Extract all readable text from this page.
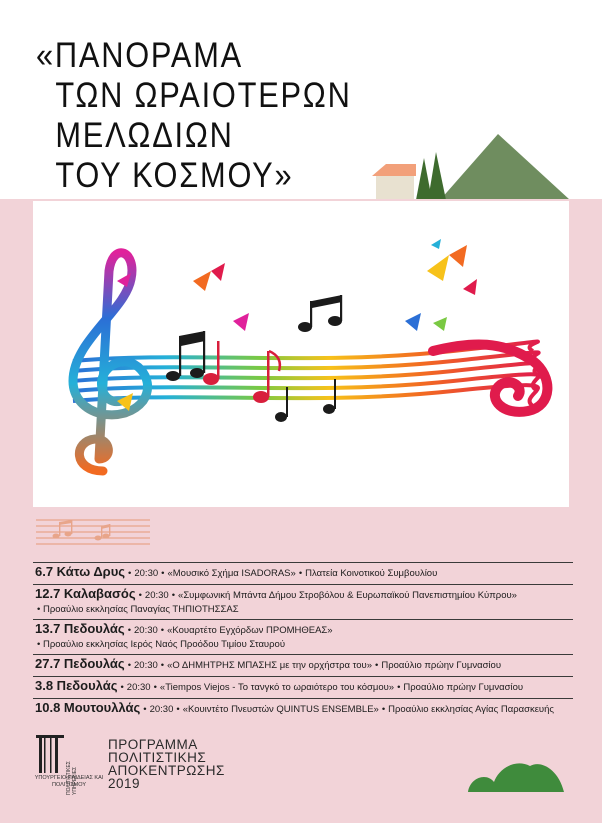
«ΠΑΝΟΡΑΜΑ
ΤΩΝ ΩΡΑΙΟΤΕΡΩΝ
ΜΕΛΩΔΙΩΝ
ΤΟΥ ΚΟΣΜΟΥ»
6.7 Κάτω Δρυς • 20:30 • «Μουσικό Σχήμα ISADORAS» • Πλατεία Κοινοτικού Συμβουλίου
12.7 Καλαβασός • 20:30 • «Συμφωνική Μπάντα Δήμου Στροβόλου & Ευρωπαϊκού Πανεπιστημίου Κύπρου»
• Προαύλιο εκκλησίας Παναγίας ΤΗΠΙΟΤΗΣΣΑΣ
13.7 Πεδουλάς • 20:30 • «Κουαρτέτο Εγχόρδων ΠΡΟΜΗΘΕΑΣ»
• Προαύλιο εκκλησίας Ιερός Ναός Προόδου Τιμίου Σταυρού
27.7 Πεδουλάς • 20:30 • «Ο ΔΗΜΗΤΡΗΣ ΜΠΑΣΗΣ με την ορχήστρα του» • Προαύλιο πρώην Γυμνασίου
3.8 Πεδουλάς • 20:30 • «Tiempos Viejos - Το τανγκό το ωραιότερο του κόσμου» • Προαύλιο πρώην Γυμνασίου
10.8 Μουτουλλάς • 20:30 • «Κουιντέτο Πνευστών QUINTUS ENSEMBLE» • Προαύλιο εκκλησίας Αγίας Παρασκευής
ΠΟΛΙΤΙΣΤΙΚΕΣ ΥΠΗΡΕΣΙΕΣ
ΥΠΟΥΡΓΕΙΟ ΠΑΙΔΕΙΑΣ ΚΑΙ ΠΟΛΙΤΙΣΜΟΥ
ΠΡΟΓΡΑΜΜΑ
ΠΟΛΙΤΙΣΤΙΚΗΣ
ΑΠΟΚΕΝΤΡΩΣΗΣ
2019
